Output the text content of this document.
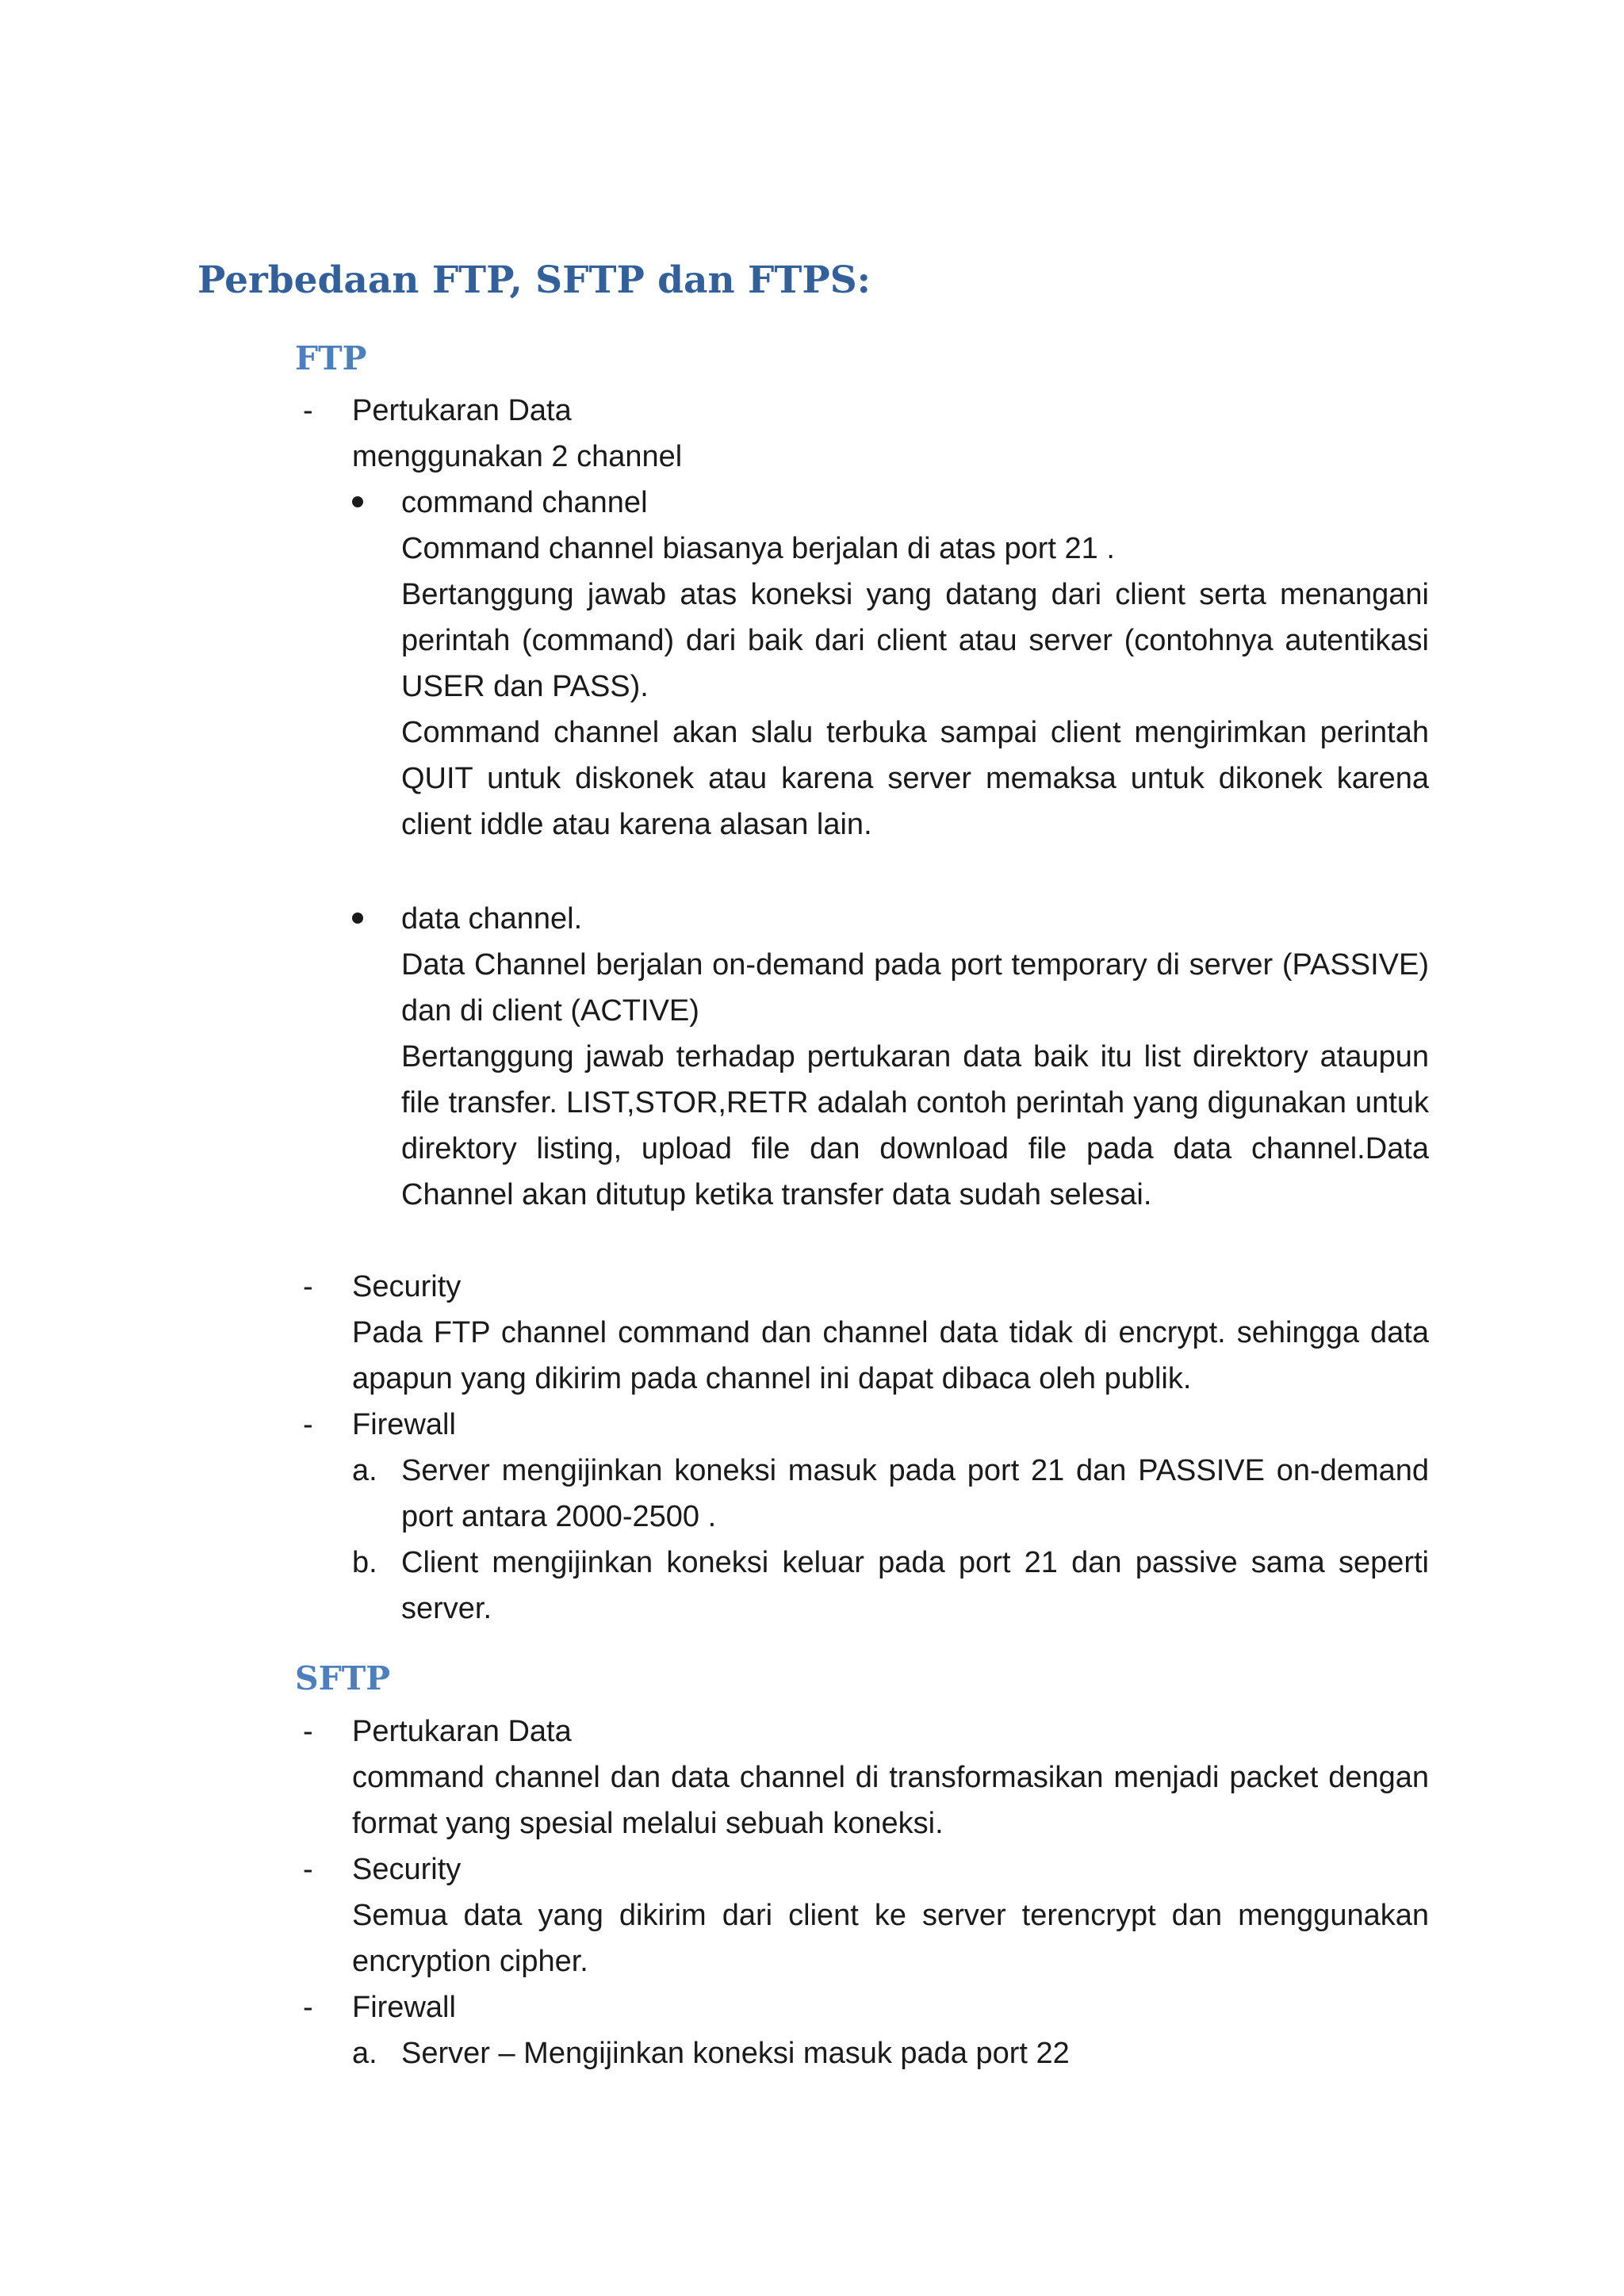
Perbedaan FTP, SFTP dan FTPS:
FTP
- Pertukaran Data
menggunakan 2 channel
command channel
Command channel biasanya berjalan di atas port 21 .
Bertanggung jawab atas koneksi yang datang dari client serta menangani
perintah (command) dari baik dari client atau server (contohnya autentikasi
USER dan PASS).
Command channel akan slalu terbuka sampai client mengirimkan perintah
QUIT untuk diskonek atau karena server memaksa untuk dikonek karena
client iddle atau karena alasan lain.
data channel.
Data Channel berjalan on-demand pada port temporary di server (PASSIVE)
dan di client (ACTIVE)
Bertanggung jawab terhadap pertukaran data baik itu list direktory ataupun
file transfer. LIST,STOR,RETR adalah contoh perintah yang digunakan untuk
direktory listing, upload file dan download file pada data channel.Data
Channel akan ditutup ketika transfer data sudah selesai.
- Security
Pada FTP channel command dan channel data tidak di encrypt. sehingga data
apapun yang dikirim pada channel ini dapat dibaca oleh publik.
- Firewall
a. Server mengijinkan koneksi masuk pada port 21 dan PASSIVE on-demand
port antara 2000-2500 .
b. Client mengijinkan koneksi keluar pada port 21 dan passive sama seperti
server.
SFTP
- Pertukaran Data
command channel dan data channel di transformasikan menjadi packet dengan
format yang spesial melalui sebuah koneksi.
- Security
Semua data yang dikirim dari client ke server terencrypt dan menggunakan
encryption cipher.
- Firewall
a. Server – Mengijinkan koneksi masuk pada port 22
